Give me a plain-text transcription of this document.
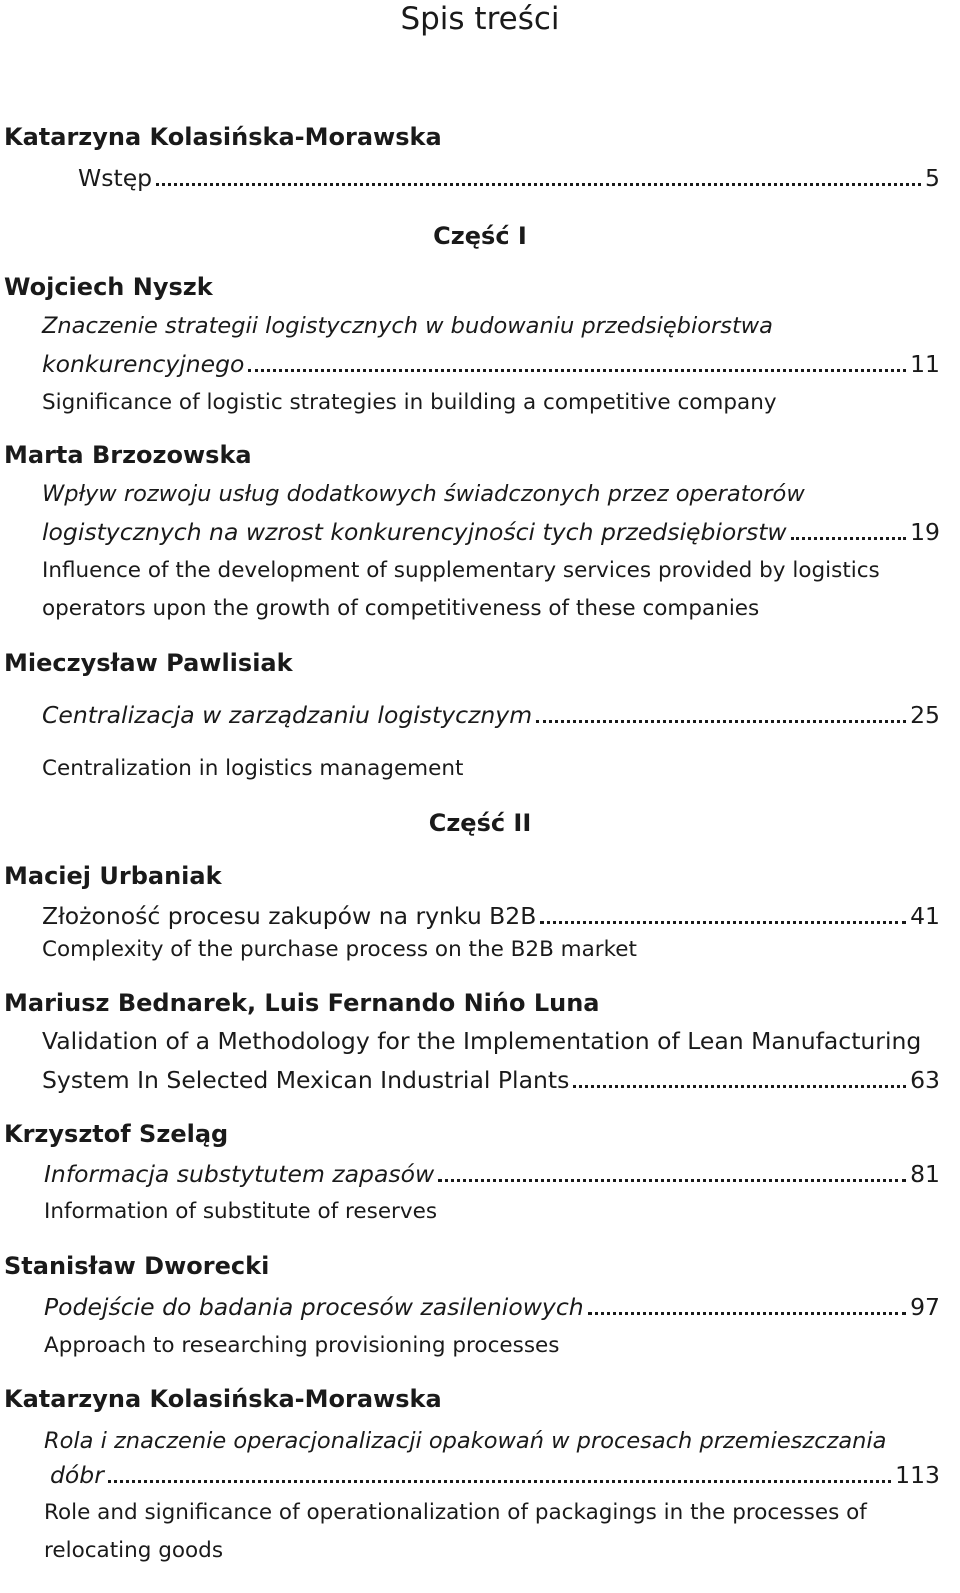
Spis treści
Katarzyna Kolasińska-Morawska
Wstęp	5
Część I
Wojciech Nyszk
Znaczenie strategii logistycznych w budowaniu przedsiębiorstwa
konkurencyjnego	11
Significance of logistic strategies in building a competitive company
Marta Brzozowska
Wpływ rozwoju usług dodatkowych świadczonych przez operatorów
logistycznych na wzrost konkurencyjności tych przedsiębiorstw	19
Influence of the development of supplementary services provided by logistics
operators upon the growth of competitiveness of these companies
Mieczysław Pawlisiak
Centralizacja w zarządzaniu logistycznym	25
Centralization in logistics management
Część II
Maciej Urbaniak
Złożoność procesu zakupów na rynku B2B	41
Complexity of the purchase process on the B2B market
Mariusz Bednarek, Luis Fernando Nińo Luna
Validation of a Methodology for the Implementation of Lean Manufacturing
System In Selected Mexican Industrial Plants	63
Krzysztof Szeląg
Informacja substytutem zapasów	81
Information of substitute of reserves
Stanisław Dworecki
Podejście do badania procesów zasileniowych	97
Approach to researching provisioning processes
Katarzyna Kolasińska-Morawska
Rola i znaczenie operacjonalizacji opakowań w procesach przemieszczania
dóbr	113
Role and significance of operationalization of packagings in the processes of
relocating goods
